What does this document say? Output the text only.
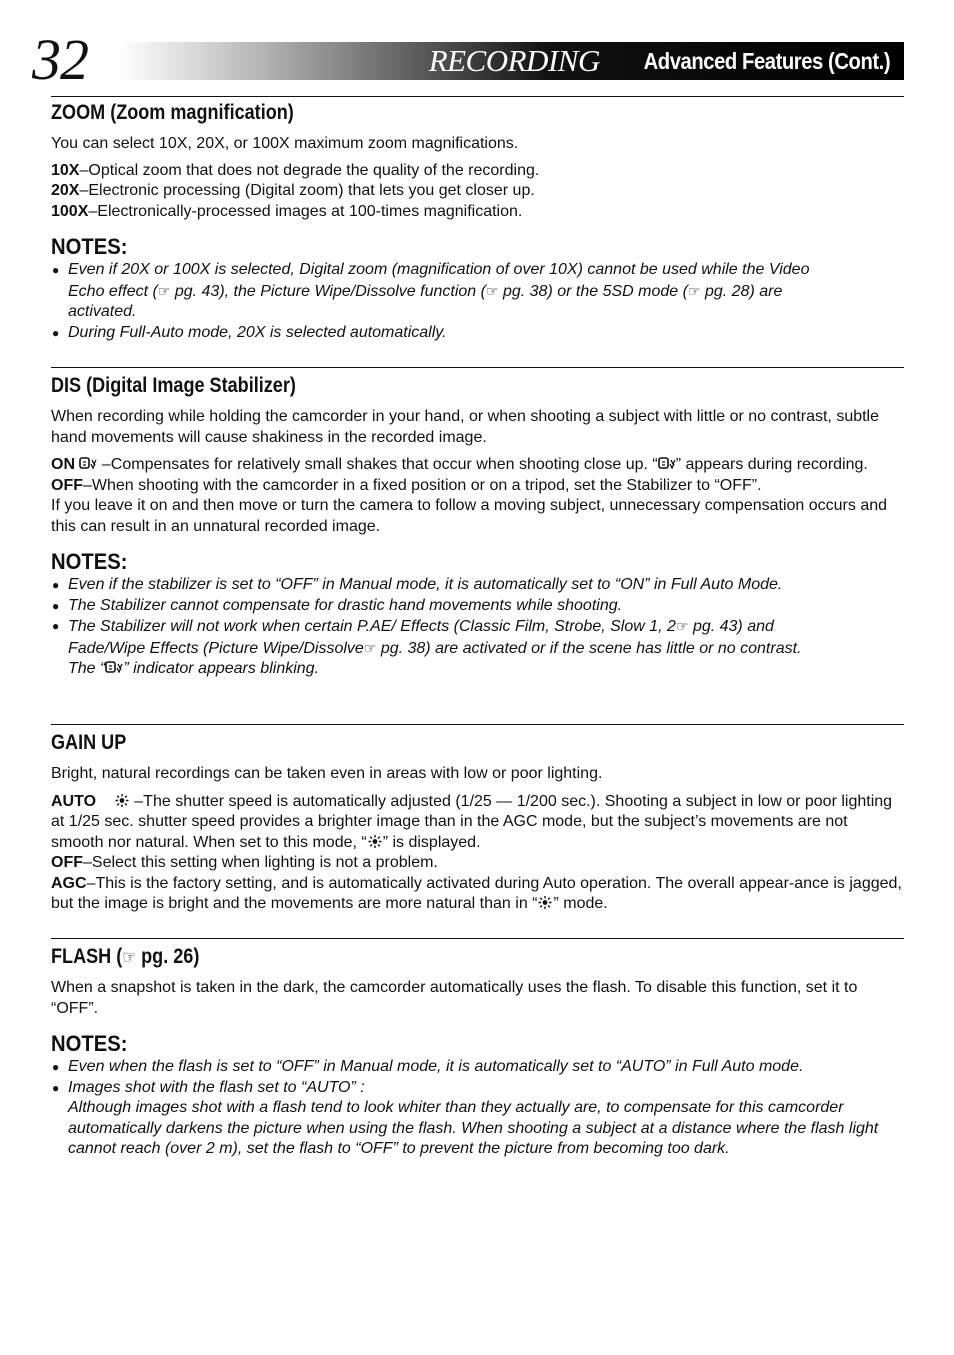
32	RECORDING Advanced Features (Cont.)
ZOOM (Zoom magnification)

You can select 10X, 20X, or 100X maximum zoom magnifications.

10X–Optical zoom that does not degrade the quality of the recording.

20X–Electronic processing (Digital zoom) that lets you get closer up.

100X–Electronically-processed images at 100-times magnification.

NOTES:

● Even if 20X or 100X is selected, Digital zoom (magnification of over 10X) cannot be used while the Video
Echo effect (☞ pg. 43), the Picture Wipe/Dissolve function (☞ pg. 38) or the 5SD mode (☞ pg. 28) are
activated.

● During Full-Auto mode, 20X is selected automatically.

DIS (Digital Image Stabilizer)

When recording while holding the camcorder in your hand, or when shooting a subject with little or no contrast, subtle hand movements will cause shakiness in the recorded image.

ON  –Compensates for relatively small shakes that occur when shooting close up. “ ” appears during recording.

OFF–When shooting with the camcorder in a fixed position or on a tripod, set the Stabilizer to “OFF”.

If you leave it on and then move or turn the camera to follow a moving subject, unnecessary compensation occurs and this can result in an unnatural recorded image.

NOTES:

● Even if the stabilizer is set to “OFF” in Manual mode, it is automatically set to “ON” in Full Auto Mode.

● The Stabilizer cannot compensate for drastic hand movements while shooting.

● The Stabilizer will not work when certain P.AE/ Effects (Classic Film, Strobe, Slow 1, 2☞ pg. 43) and
Fade/Wipe Effects (Picture Wipe/Dissolve☞ pg. 38) are activated or if the scene has little or no contrast.
The “ ” indicator appears blinking.

GAIN UP

Bright, natural recordings can be taken even in areas with low or poor lighting.

AUTO     –The shutter speed is automatically adjusted (1/25 — 1/200 sec.). Shooting a subject in low or poor lighting at 1/25 sec. shutter speed provides a brighter image than in the AGC mode, but the subject’s movements are not smooth nor natural. When set to this mode, “ ” is displayed.

OFF–Select this setting when lighting is not a problem.

AGC–This is the factory setting, and is automatically activated during Auto operation. The overall appear-ance is jagged, but the image is bright and the movements are more natural than in “ ” mode.

FLASH (☞ pg. 26)

When a snapshot is taken in the dark, the camcorder automatically uses the flash. To disable this function, set it to “OFF”.

NOTES:

● Even when the flash is set to “OFF” in Manual mode, it is automatically set to “AUTO” in Full Auto mode.

● Images shot with the flash set to “AUTO” :
Although images shot with a flash tend to look whiter than they actually are, to compensate for this camcorder automatically darkens the picture when using the flash. When shooting a subject at a distance where the flash light cannot reach (over 2 m), set the flash to “OFF” to prevent the picture from becoming too dark.
